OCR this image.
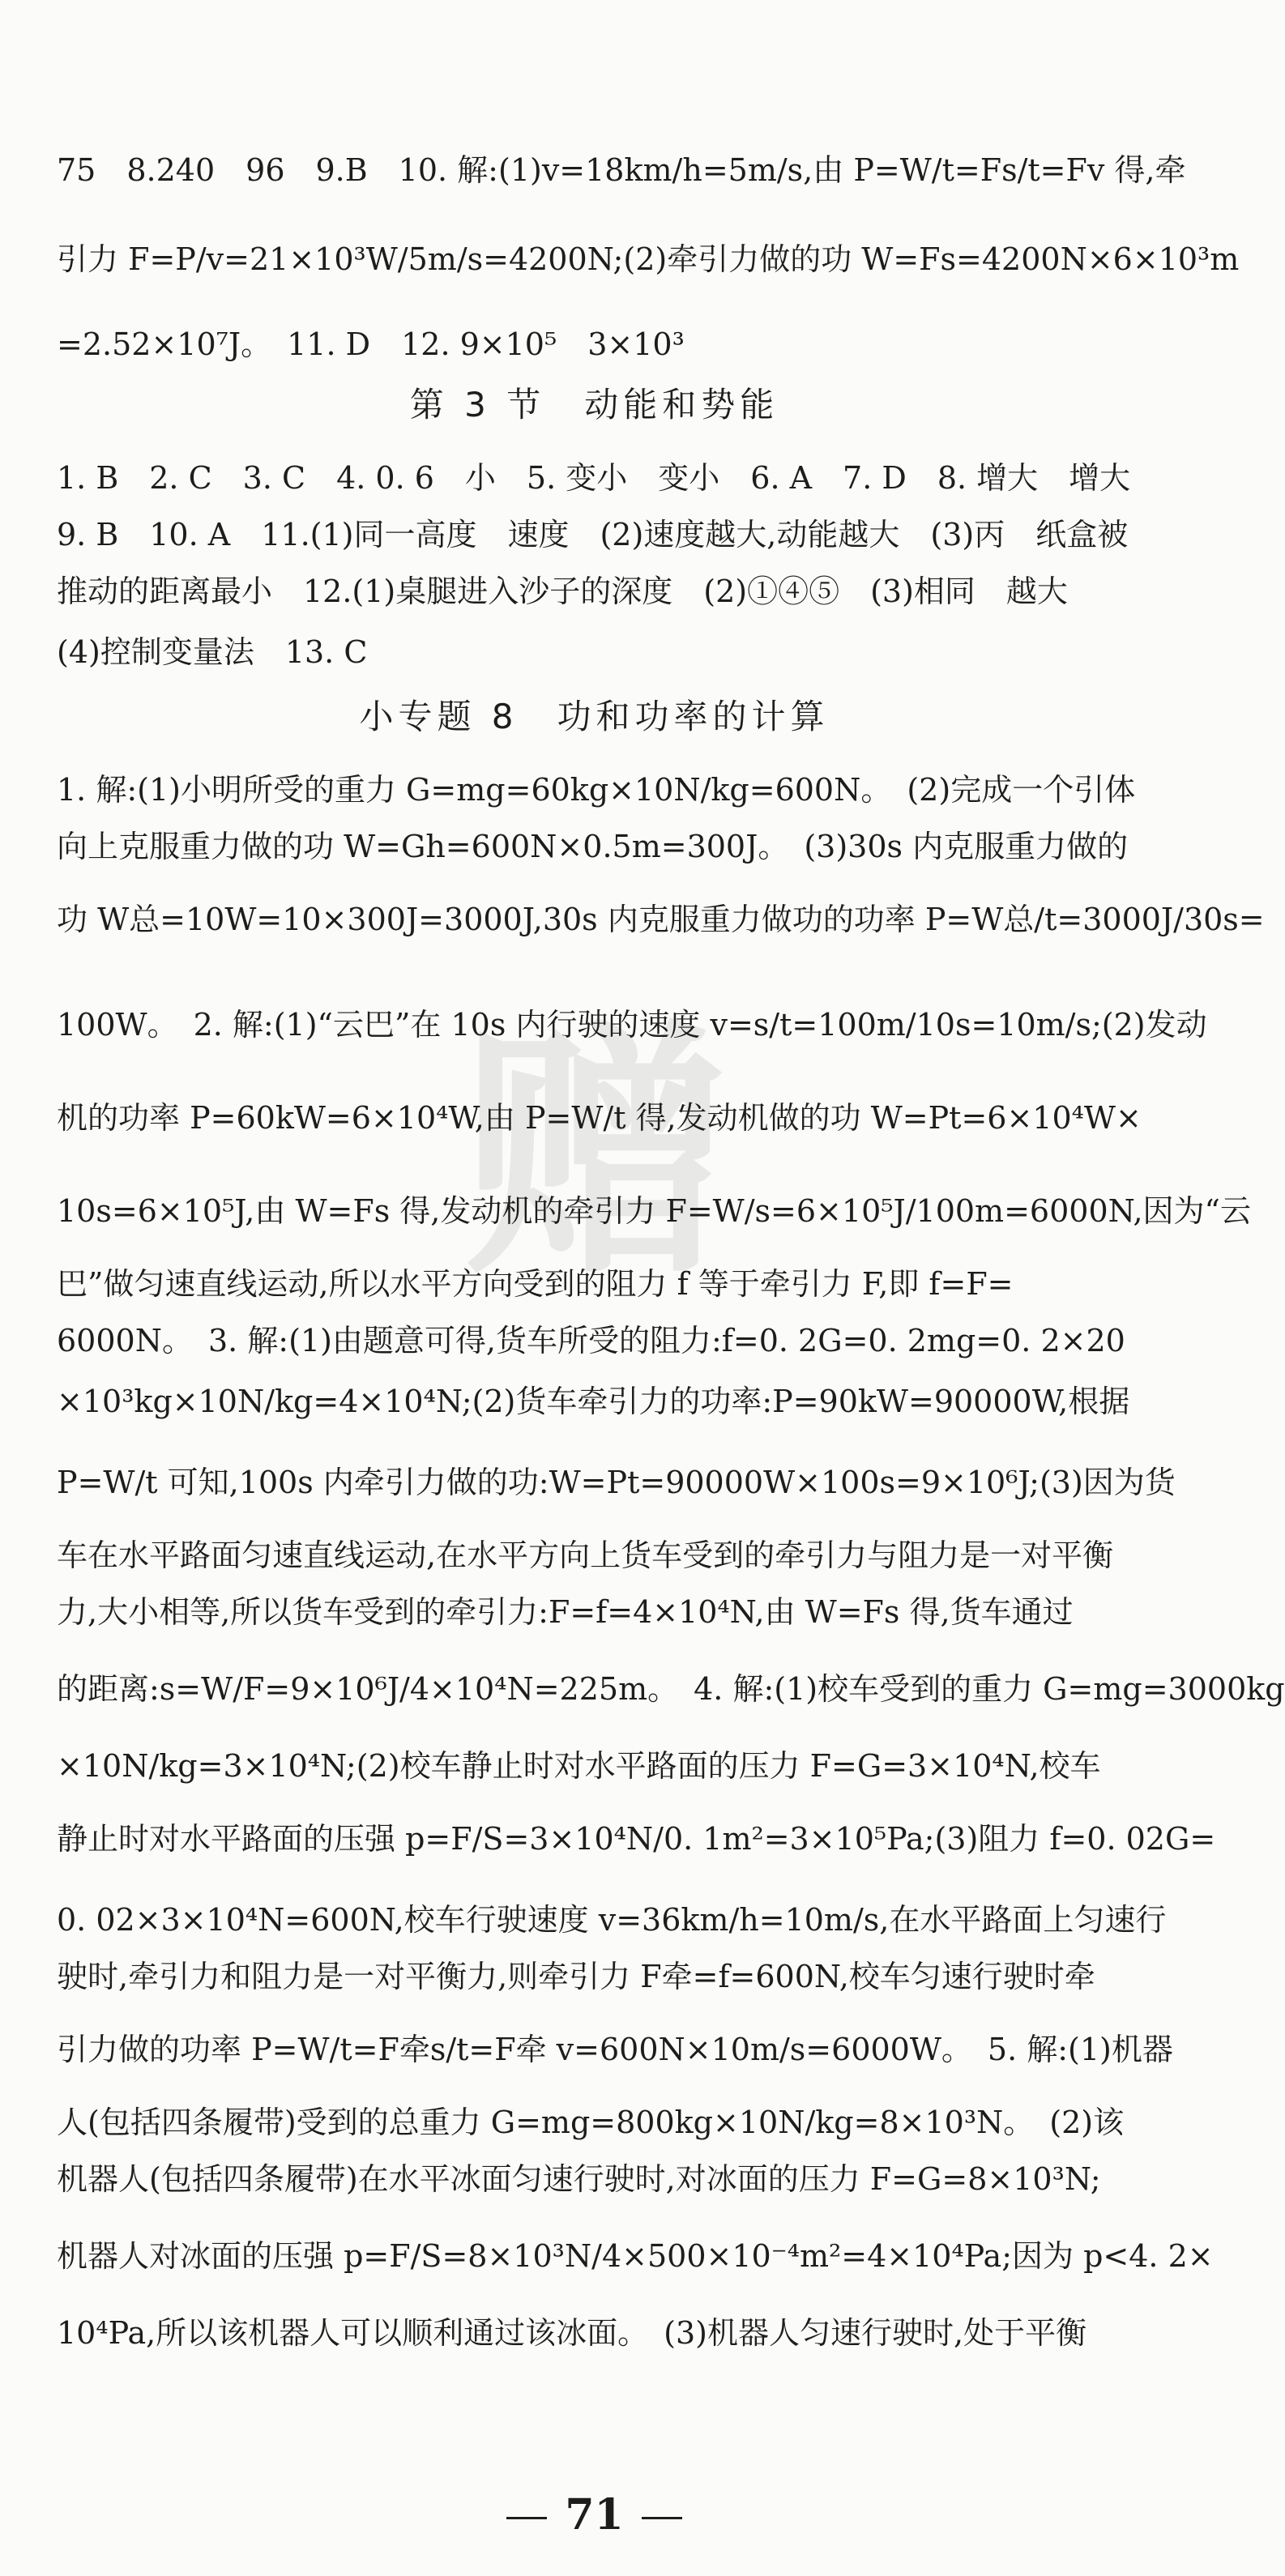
赠
75　8.240　96　9.B　10. 解:(1)v=18km/h=5m/s,由 P=W/t=Fs/t=Fv 得,牵
引力 F=P/v=21×10³W/5m/s=4200N;(2)牵引力做的功 W=Fs=4200N×6×10³m
=2.52×10⁷J。　11. D　12. 9×10⁵　3×10³
第 3 节　动能和势能
1. B　2. C　3. C　4. 0. 6　小　5. 变小　变小　6. A　7. D　8. 增大　增大
9. B　10. A　11.(1)同一高度　速度　(2)速度越大,动能越大　(3)丙　纸盒被
推动的距离最小　12.(1)桌腿进入沙子的深度　(2)①④⑤　(3)相同　越大
(4)控制变量法　13. C
小专题 8　功和功率的计算
1. 解:(1)小明所受的重力 G=mg=60kg×10N/kg=600N。　(2)完成一个引体
向上克服重力做的功 W=Gh=600N×0.5m=300J。　(3)30s 内克服重力做的
功 W总=10W=10×300J=3000J,30s 内克服重力做功的功率 P=W总/t=3000J/30s=
100W。　2. 解:(1)“云巴”在 10s 内行驶的速度 v=s/t=100m/10s=10m/s;(2)发动
机的功率 P=60kW=6×10⁴W,由 P=W/t 得,发动机做的功 W=Pt=6×10⁴W×
10s=6×10⁵J,由 W=Fs 得,发动机的牵引力 F=W/s=6×10⁵J/100m=6000N,因为“云
巴”做匀速直线运动,所以水平方向受到的阻力 f 等于牵引力 F,即 f=F=
6000N。　3. 解:(1)由题意可得,货车所受的阻力:f=0. 2G=0. 2mg=0. 2×20
×10³kg×10N/kg=4×10⁴N;(2)货车牵引力的功率:P=90kW=90000W,根据
P=W/t 可知,100s 内牵引力做的功:W=Pt=90000W×100s=9×10⁶J;(3)因为货
车在水平路面匀速直线运动,在水平方向上货车受到的牵引力与阻力是一对平衡
力,大小相等,所以货车受到的牵引力:F=f=4×10⁴N,由 W=Fs 得,货车通过
的距离:s=W/F=9×10⁶J/4×10⁴N=225m。　4. 解:(1)校车受到的重力 G=mg=3000kg
×10N/kg=3×10⁴N;(2)校车静止时对水平路面的压力 F=G=3×10⁴N,校车
静止时对水平路面的压强 p=F/S=3×10⁴N/0. 1m²=3×10⁵Pa;(3)阻力 f=0. 02G=
0. 02×3×10⁴N=600N,校车行驶速度 v=36km/h=10m/s,在水平路面上匀速行
驶时,牵引力和阻力是一对平衡力,则牵引力 F牵=f=600N,校车匀速行驶时牵
引力做的功率 P=W/t=F牵s/t=F牵 v=600N×10m/s=6000W。　5. 解:(1)机器
人(包括四条履带)受到的总重力 G=mg=800kg×10N/kg=8×10³N。　(2)该
机器人(包括四条履带)在水平冰面匀速行驶时,对冰面的压力 F=G=8×10³N;
机器人对冰面的压强 p=F/S=8×10³N/4×500×10⁻⁴m²=4×10⁴Pa;因为 p<4. 2×
10⁴Pa,所以该机器人可以顺利通过该冰面。　(3)机器人匀速行驶时,处于平衡
71
